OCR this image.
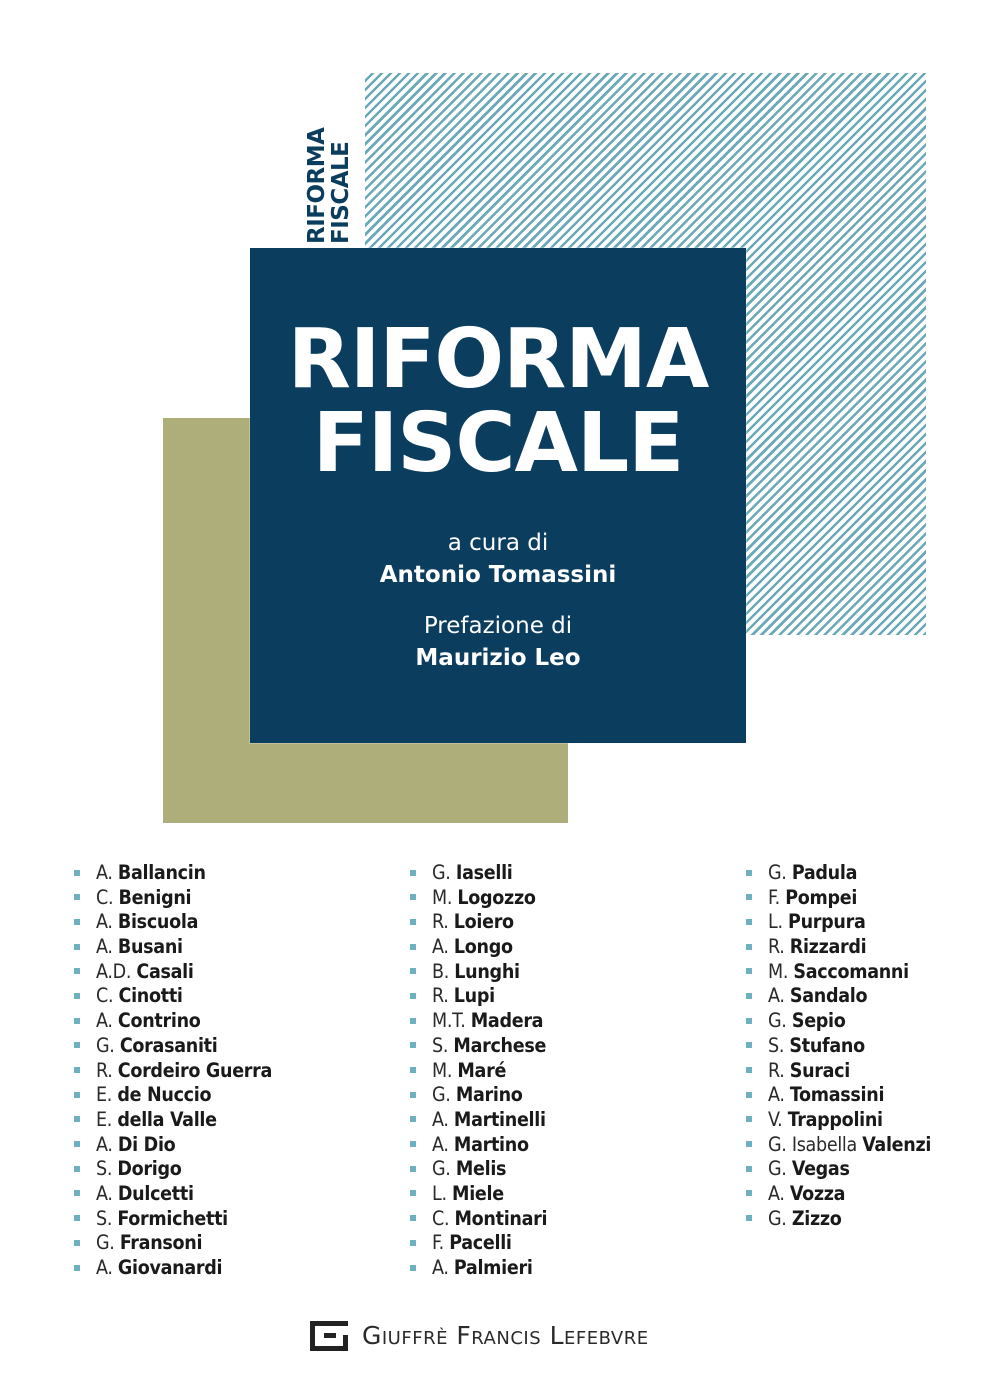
RIFORMA
FISCALE
RIFORMA
FISCALE
a cura di
Antonio Tomassini
Prefazione di
Maurizio Leo
A. Ballancin
C. Benigni
A. Biscuola
A. Busani
A.D. Casali
C. Cinotti
A. Contrino
G. Corasaniti
R. Cordeiro Guerra
E. de Nuccio
E. della Valle
A. Di Dio
S. Dorigo
A. Dulcetti
S. Formichetti
G. Fransoni
A. Giovanardi
G. Iaselli
M. Logozzo
R. Loiero
A. Longo
B. Lunghi
R. Lupi
M.T. Madera
S. Marchese
M. Maré
G. Marino
A. Martinelli
A. Martino
G. Melis
L. Miele
C. Montinari
F. Pacelli
A. Palmieri
G. Padula
F. Pompei
L. Purpura
R. Rizzardi
M. Saccomanni
A. Sandalo
G. Sepio
S. Stufano
R. Suraci
A. Tomassini
V. Trappolini
G. Isabella Valenzi
G. Vegas
A. Vozza
G. Zizzo
Giuffrè Francis Lefebvre
